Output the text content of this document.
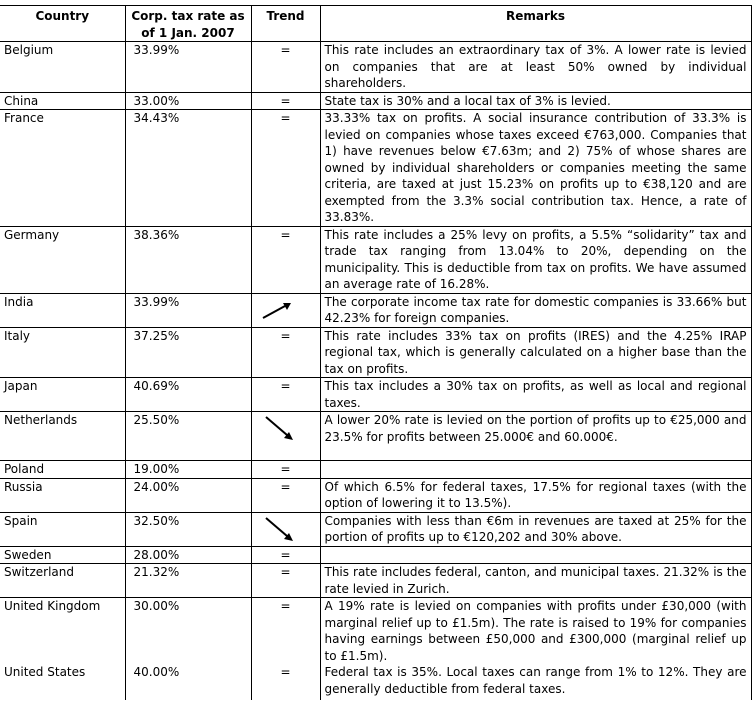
Country	Corp. tax rate as of 1 Jan. 2007	Trend	Remarks
Belgium	33.99%	=	This rate includes an extraordinary tax of 3%. A lower rate is levied on companies that are at least 50% owned by individual shareholders.
China	33.00%	=	State tax is 30% and a local tax of 3% is levied.
France	34.43%	=	33.33% tax on profits. A social insurance contribution of 33.3% is levied on companies whose taxes exceed €763,000. Companies that 1) have revenues below €7.63m; and 2) 75% of whose shares are owned by individual shareholders or companies meeting the same criteria, are taxed at just 15.23% on profits up to €38,120 and are exempted from the 3.3% social contribution tax. Hence, a rate of 33.83%.
Germany	38.36%	=	This rate includes a 25% levy on profits, a 5.5% “solidarity” tax and trade tax ranging from 13.04% to 20%, depending on the municipality. This is deductible from tax on profits. We have assumed an average rate of 16.28%.
India	33.99%		The corporate income tax rate for domestic companies is 33.66% but 42.23% for foreign companies.
Italy	37.25%	=	This rate includes 33% tax on profits (IRES) and the 4.25% IRAP regional tax, which is generally calculated on a higher base than the tax on profits.
Japan	40.69%	=	This tax includes a 30% tax on profits, as well as local and regional taxes.
Netherlands	25.50%		A lower 20% rate is levied on the portion of profits up to €25,000 and 23.5% for profits between 25.000€ and 60.000€.
Poland	19.00%	=	
Russia	24.00%	=	Of which 6.5% for federal taxes, 17.5% for regional taxes (with the option of lowering it to 13.5%).
Spain	32.50%		Companies with less than €6m in revenues are taxed at 25% for the portion of profits up to €120,202 and 30% above.
Sweden	28.00%	=	
Switzerland	21.32%	=	This rate includes federal, canton, and municipal taxes. 21.32% is the rate levied in Zurich.
United Kingdom	30.00%	=	A 19% rate is levied on companies with profits under £30,000 (with marginal relief up to £1.5m). The rate is raised to 19% for companies having earnings between £50,000 and £300,000 (marginal relief up to £1.5m).
United States	40.00%	=	Federal tax is 35%. Local taxes can range from 1% to 12%. They are generally deductible from federal taxes.
